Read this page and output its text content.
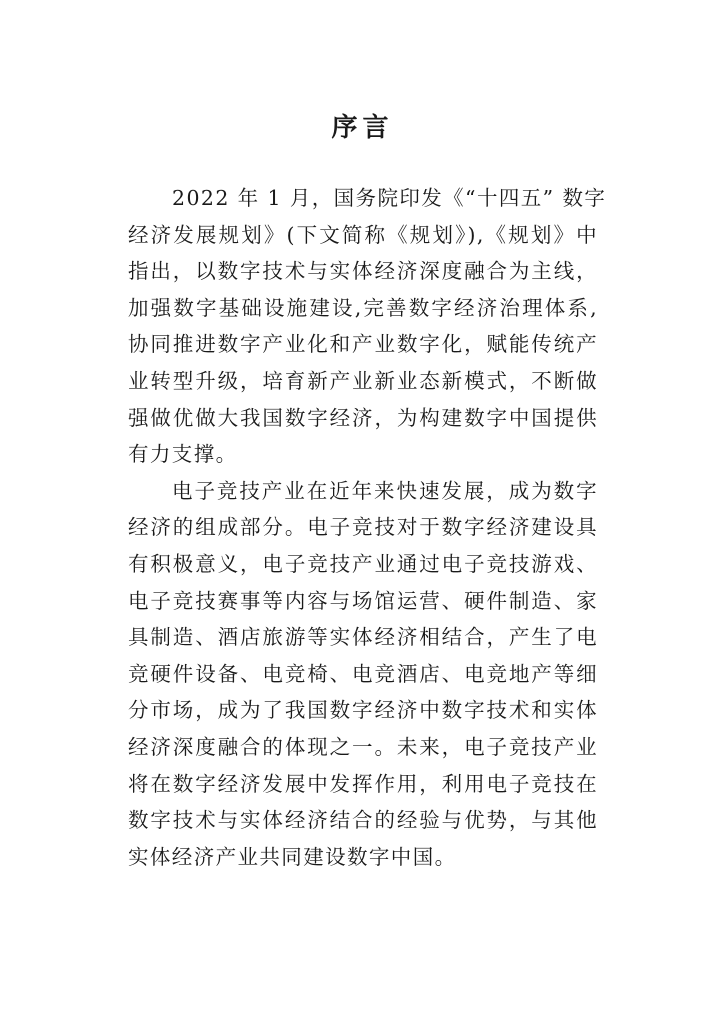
序言
2022 年 1 月，国务院印发《“十四五” 数字
经济发展规划》(下文简称《规划》),《规划》中
指出，以数字技术与实体经济深度融合为主线，
加强数字基础设施建设,完善数字经济治理体系,
协同推进数字产业化和产业数字化，赋能传统产
业转型升级，培育新产业新业态新模式，不断做
强做优做大我国数字经济，为构建数字中国提供
有力支撑。
电子竞技产业在近年来快速发展，成为数字
经济的组成部分。电子竞技对于数字经济建设具
有积极意义，电子竞技产业通过电子竞技游戏、
电子竞技赛事等内容与场馆运营、硬件制造、家
具制造、酒店旅游等实体经济相结合，产生了电
竞硬件设备、电竞椅、电竞酒店、电竞地产等细
分市场，成为了我国数字经济中数字技术和实体
经济深度融合的体现之一。未来，电子竞技产业
将在数字经济发展中发挥作用，利用电子竞技在
数字技术与实体经济结合的经验与优势，与其他
实体经济产业共同建设数字中国。
